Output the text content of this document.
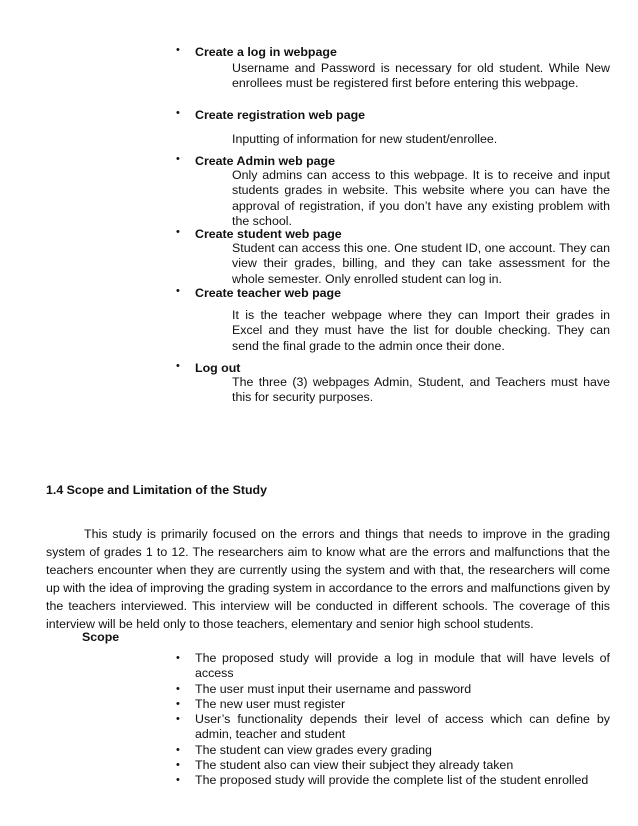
•	Create a log in webpage
Username and Password is necessary for old student. While New enrollees must be registered first before entering this webpage.
•	Create registration web page
Inputting of information for new student/enrollee.
•	Create Admin web page
Only admins can access to this webpage. It is to receive and input students grades in website. This website where you can have the approval of registration, if you don’t have any existing problem with the school.
•	Create student web page
Student can access this one. One student ID, one account. They can view their grades, billing, and they can take assessment for the whole semester. Only enrolled student can log in.
•	Create teacher web page
It is the teacher webpage where they can Import their grades in Excel and they must have the list for double checking. They can send the final grade to the admin once their done.
•	Log out
The three (3) webpages Admin, Student, and Teachers must have this for security purposes.
1.4 Scope and Limitation of the Study
This study is primarily focused on the errors and things that needs to improve in the grading system of grades 1 to 12. The researchers aim to know what are the errors and malfunctions that the teachers encounter when they are currently using the system and with that, the researchers will come up with the idea of improving the grading system in accordance to the errors and malfunctions given by the teachers interviewed. This interview will be conducted in different schools. The coverage of this interview will be held only to those teachers, elementary and senior high school students.
Scope
• The proposed study will provide a log in module that will have levels of access
• The user must input their username and password
• The new user must register
• User’s functionality depends their level of access which can define by admin, teacher and student
• The student can view grades every grading
• The student also can view their subject they already taken
• The proposed study will provide the complete list of the student enrolled
